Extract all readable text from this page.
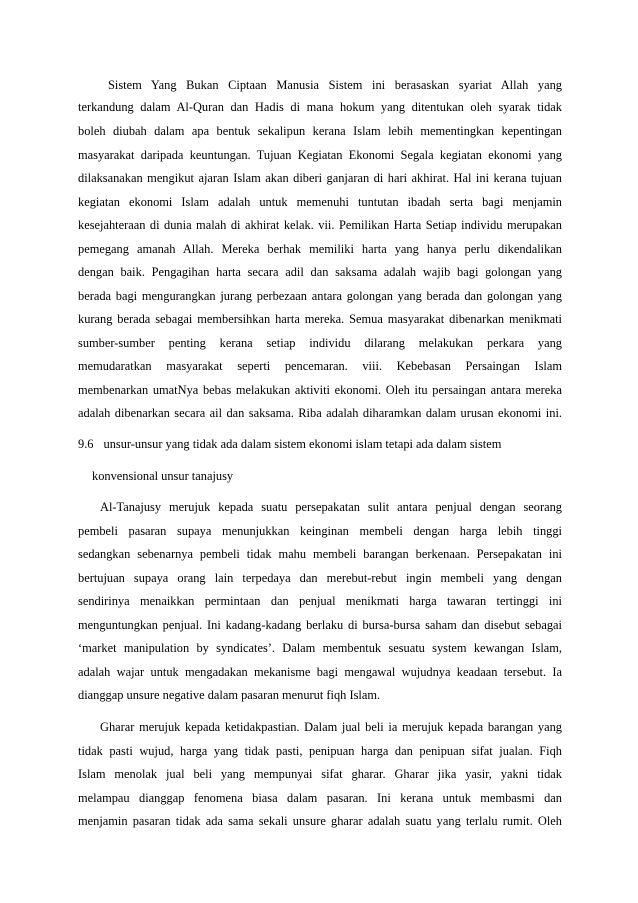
Sistem Yang Bukan Ciptaan Manusia Sistem ini berasaskan syariat Allah yang
terkandung dalam Al-Quran dan Hadis di mana hokum yang ditentukan oleh syarak tidak
boleh diubah dalam apa bentuk sekalipun kerana Islam lebih mementingkan kepentingan
masyarakat daripada keuntungan. Tujuan Kegiatan Ekonomi Segala kegiatan ekonomi yang
dilaksanakan mengikut ajaran Islam akan diberi ganjaran di hari akhirat. Hal ini kerana tujuan
kegiatan ekonomi Islam adalah untuk memenuhi tuntutan ibadah serta bagi menjamin
kesejahteraan di dunia malah di akhirat kelak. vii. Pemilikan Harta Setiap individu merupakan
pemegang amanah Allah. Mereka berhak memiliki harta yang hanya perlu dikendalikan
dengan baik. Pengagihan harta secara adil dan saksama adalah wajib bagi golongan yang
berada bagi mengurangkan jurang perbezaan antara golongan yang berada dan golongan yang
kurang berada sebagai membersihkan harta mereka. Semua masyarakat dibenarkan menikmati
sumber-sumber penting kerana setiap individu dilarang melakukan perkara yang
memudaratkan masyarakat seperti pencemaran. viii. Kebebasan Persaingan Islam
membenarkan umatNya bebas melakukan aktiviti ekonomi. Oleh itu persaingan antara mereka
adalah dibenarkan secara ail dan saksama. Riba adalah diharamkan dalam urusan ekonomi ini.
9.6 unsur-unsur yang tidak ada dalam sistem ekonomi islam tetapi ada dalam sistem
konvensional unsur tanajusy
Al-Tanajusy merujuk kepada suatu persepakatan sulit antara penjual dengan seorang
pembeli pasaran supaya menunjukkan keinginan membeli dengan harga lebih tinggi
sedangkan sebenarnya pembeli tidak mahu membeli barangan berkenaan. Persepakatan ini
bertujuan supaya orang lain terpedaya dan merebut-rebut ingin membeli yang dengan
sendirinya menaikkan permintaan dan penjual menikmati harga tawaran tertinggi ini
menguntungkan penjual. Ini kadang-kadang berlaku di bursa-bursa saham dan disebut sebagai
‘market manipulation by syndicates’. Dalam membentuk sesuatu system kewangan Islam,
adalah wajar untuk mengadakan mekanisme bagi mengawal wujudnya keadaan tersebut. Ia
dianggap unsure negative dalam pasaran menurut fiqh Islam.
Gharar merujuk kepada ketidakpastian. Dalam jual beli ia merujuk kepada barangan yang
tidak pasti wujud, harga yang tidak pasti, penipuan harga dan penipuan sifat jualan. Fiqh
Islam menolak jual beli yang mempunyai sifat gharar. Gharar jika yasir, yakni tidak
melampau dianggap fenomena biasa dalam pasaran. Ini kerana untuk membasmi dan
menjamin pasaran tidak ada sama sekali unsure gharar adalah suatu yang terlalu rumit. Oleh
